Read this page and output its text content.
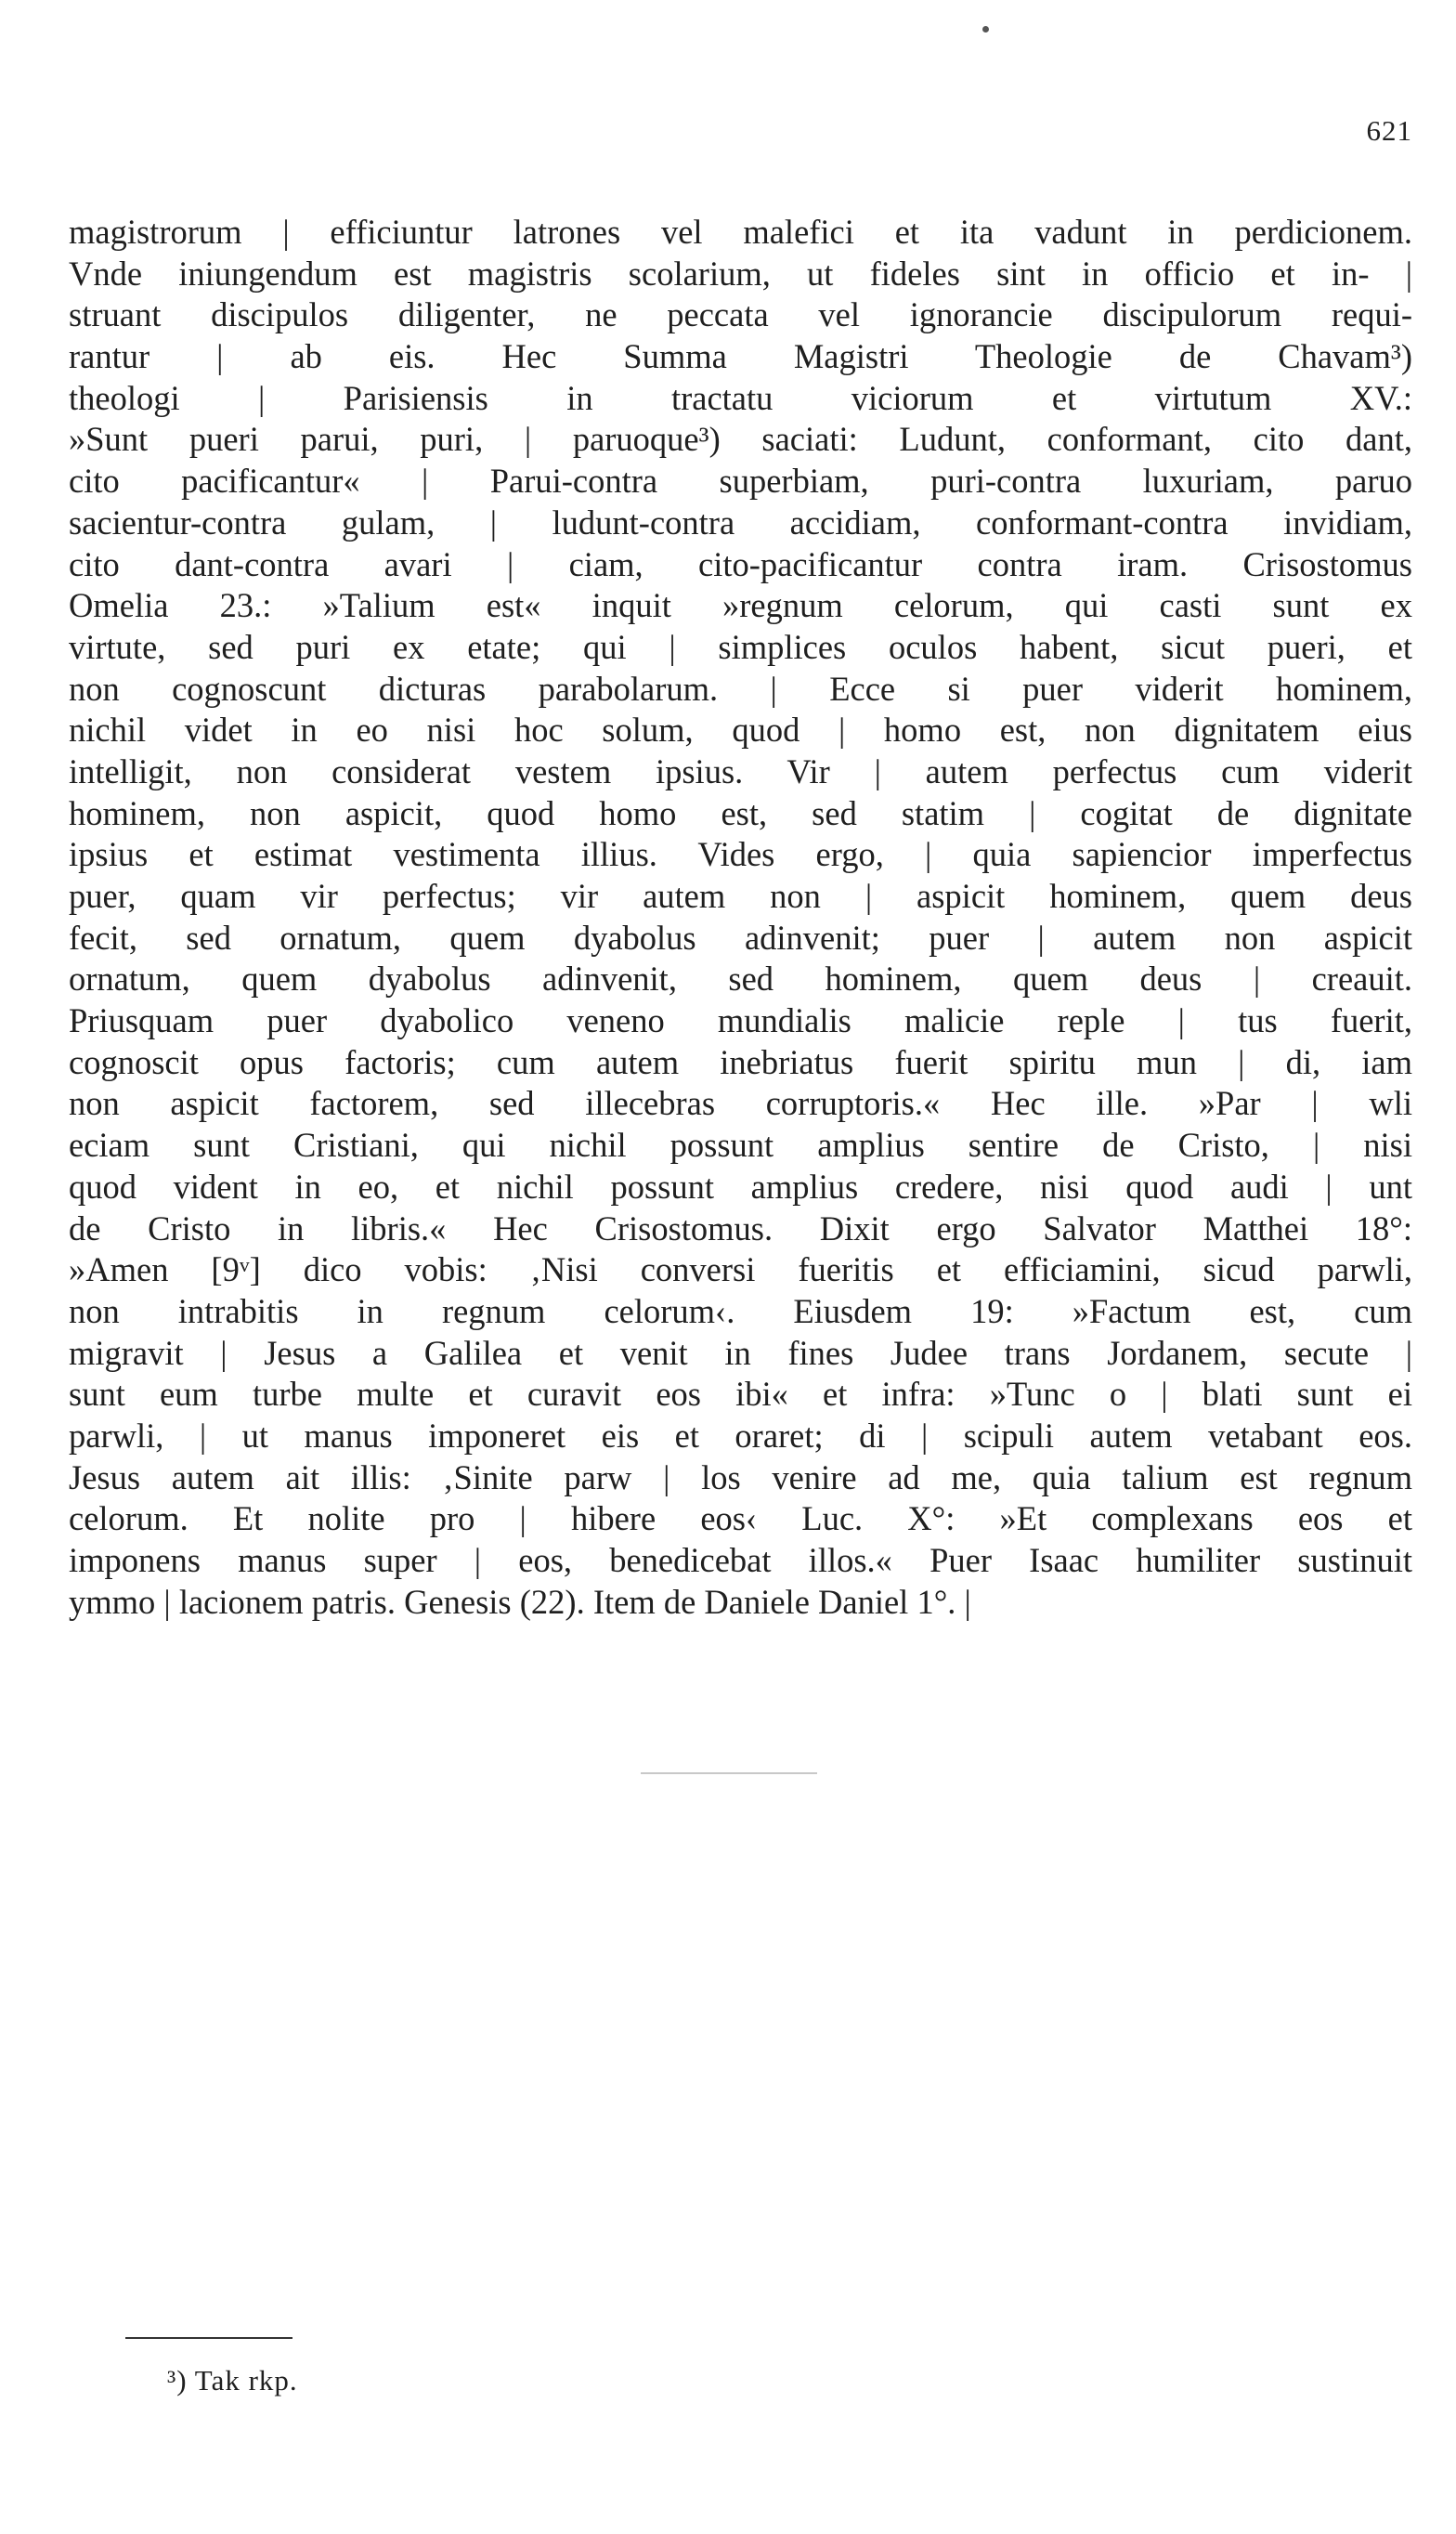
621
magistrorum | efficiuntur latrones vel malefici et ita vadunt in perdicionem.
Vnde iniungendum est magistris scolarium, ut fideles sint in officio et in- |
struant discipulos diligenter, ne peccata vel ignorancie discipulorum requi-
rantur | ab eis. Hec Summa Magistri Theologie de Chavam³)
theologi | Parisiensis in tractatu viciorum et virtutum XV.:
»Sunt pueri parui, puri, | paruoque³) saciati: Ludunt, conformant, cito dant,
cito pacificantur« | Parui-contra superbiam, puri-contra luxuriam, paruo
sacientur-contra gulam, | ludunt-contra accidiam, conformant-contra invidiam,
cito dant-contra avari | ciam, cito-pacificantur contra iram. Crisostomus
Omelia 23.: »Talium est« inquit »regnum celorum, qui casti sunt ex
virtute, sed puri ex etate; qui | simplices oculos habent, sicut pueri, et
non cognoscunt dicturas parabolarum. | Ecce si puer viderit hominem,
nichil videt in eo nisi hoc solum, quod | homo est, non dignitatem eius
intelligit, non considerat vestem ipsius. Vir | autem perfectus cum viderit
hominem, non aspicit, quod homo est, sed statim | cogitat de dignitate
ipsius et estimat vestimenta illius. Vides ergo, | quia sapiencior imperfectus
puer, quam vir perfectus; vir autem non | aspicit hominem, quem deus
fecit, sed ornatum, quem dyabolus adinvenit; puer | autem non aspicit
ornatum, quem dyabolus adinvenit, sed hominem, quem deus | creauit.
Priusquam puer dyabolico veneno mundialis malicie reple | tus fuerit,
cognoscit opus factoris; cum autem inebriatus fuerit spiritu mun | di, iam
non aspicit factorem, sed illecebras corruptoris.« Hec ille. »Par | wli
eciam sunt Cristiani, qui nichil possunt amplius sentire de Cristo, | nisi
quod vident in eo, et nichil possunt amplius credere, nisi quod audi | unt
de Cristo in libris.« Hec Crisostomus. Dixit ergo Salvator Matthei 18°:
»Amen [9ᵛ] dico vobis: ‚Nisi conversi fueritis et efficiamini, sicud parwli,
non intrabitis in regnum celorum‹. Eiusdem 19: »Factum est, cum
migravit | Jesus a Galilea et venit in fines Judee trans Jordanem, secute |
sunt eum turbe multe et curavit eos ibi« et infra: »Tunc o | blati sunt ei
parwli, | ut manus imponeret eis et oraret; di | scipuli autem vetabant eos.
Jesus autem ait illis: ‚Sinite parw | los venire ad me, quia talium est regnum
celorum. Et nolite pro | hibere eos‹ Luc. X°: »Et complexans eos et
imponens manus super | eos, benedicebat illos.« Puer Isaac humiliter sustinuit
ymmo | lacionem patris. Genesis (22). Item de Daniele Daniel 1°. |
³) Tak rkp.
